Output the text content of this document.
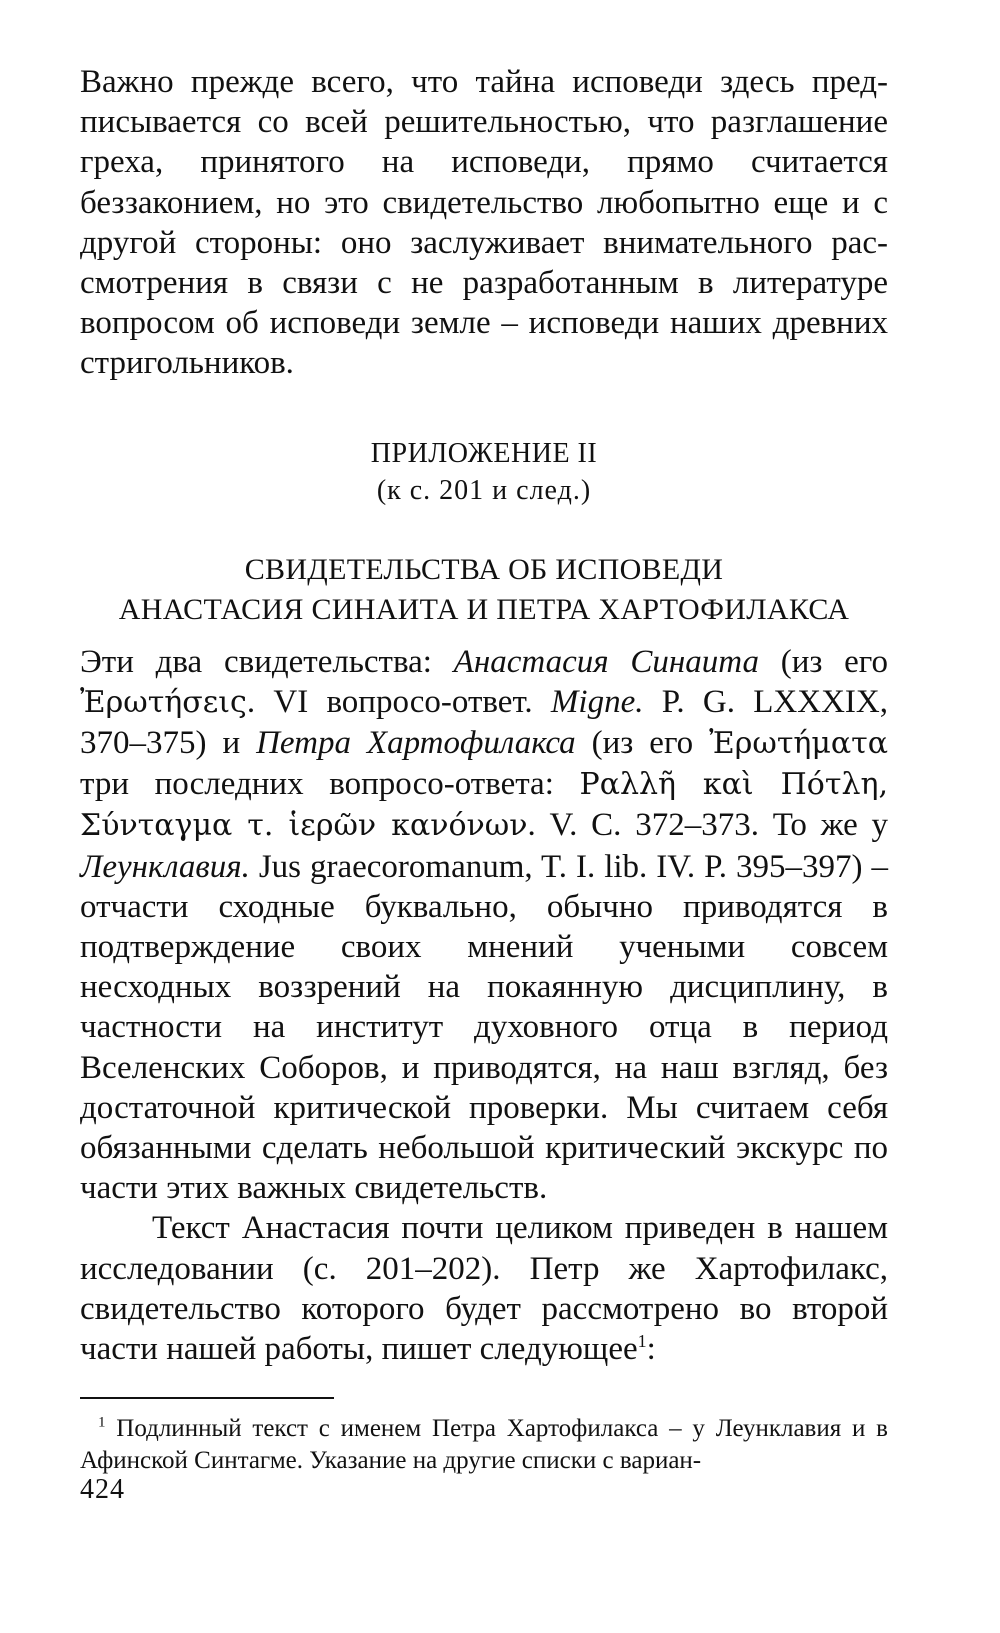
Важно прежде всего, что тайна исповеди здесь предписывается со всей решительностью, что разглашение греха, принятого на исповеди, прямо считается беззаконием, но это свидетельство любопытно еще и с другой стороны: оно заслуживает внимательного рассмотрения в связи с не разработанным в литературе вопросом об исповеди земле – исповеди наших древних стригольников.

ПРИЛОЖЕНИЕ II

(к с. 201 и след.)

СВИДЕТЕЛЬСТВА ОБ ИСПОВЕДИ

АНАСТАСИЯ СИНАИТА И ПЕТРА ХАРТОФИЛАКСА

Эти два свидетельства: Анастасия Синаита (из его Ἐρωτήσεις. VI вопросо-ответ. Migne. P. G. LXXXIX, 370–375) и Петра Хартофилакса (из его Ἐρωτήματα три последних вопросо-ответа: Ραλλῆ καὶ Πότλη, Σύνταγμα τ. ἱερῶν κανόνων. V. С. 372–373. То же у Леунклавия. Jus graecoromanum, T. I. lib. IV. P. 395–397) – отчасти сходные буквально, обычно приводятся в подтверждение своих мнений учеными совсем несходных воззрений на покаянную дисциплину, в частности на институт духовного отца в период Вселенских Соборов, и приводятся, на наш взгляд, без достаточной критической проверки. Мы считаем себя обязанными сделать небольшой критический экскурс по части этих важных свидетельств.

Текст Анастасия почти целиком приведен в нашем исследовании (с. 201–202). Петр же Хартофилакс, свидетельство которого будет рассмотрено во второй части нашей работы, пишет следующее$^1$:

$^1$ Подлинный текст с именем Петра Хартофилакса – у Леунклавия и в Афинской Синтагме. Указание на другие списки с вариан-

424
